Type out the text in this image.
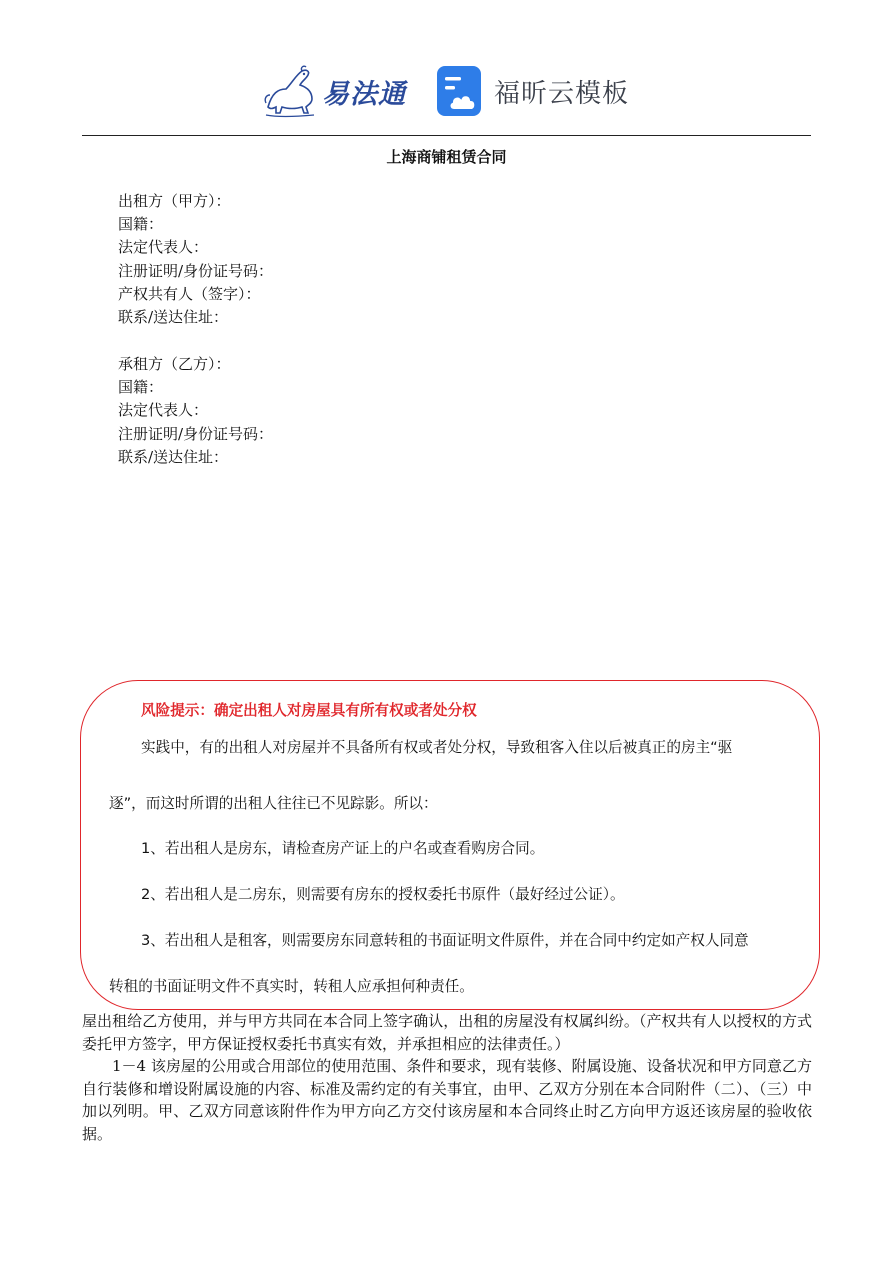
易法通	福昕云模板
上海商铺租赁合同
出租方（甲方）：
国籍：
法定代表人：
注册证明/身份证号码：
产权共有人（签字）：
联系/送达住址：
承租方（乙方）：
国籍：
法定代表人：
注册证明/身份证号码：
联系/送达住址：
风险提示：确定出租人对房屋具有所有权或者处分权
实践中，有的出租人对房屋并不具备所有权或者处分权，导致租客入住以后被真正的房主“驱
逐”，而这时所谓的出租人往往已不见踪影。所以：
1、若出租人是房东，请检查房产证上的户名或查看购房合同。
2、若出租人是二房东，则需要有房东的授权委托书原件（最好经过公证）。
3、若出租人是租客，则需要房东同意转租的书面证明文件原件，并在合同中约定如产权人同意
转租的书面证明文件不真实时，转租人应承担何种责任。

屋出租给乙方使用，并与甲方共同在本合同上签字确认，出租的房屋没有权属纠纷。（产权共有人以授权的方式委托甲方签字，甲方保证授权委托书真实有效，并承担相应的法律责任。）

1－4 该房屋的公用或合用部位的使用范围、条件和要求，现有装修、附属设施、设备状况和甲方同意乙方自行装修和增设附属设施的内容、标准及需约定的有关事宜，由甲、乙双方分别在本合同附件（二）、（三）中加以列明。甲、乙双方同意该附件作为甲方向乙方交付该房屋和本合同终止时乙方向甲方返还该房屋的验收依据。
